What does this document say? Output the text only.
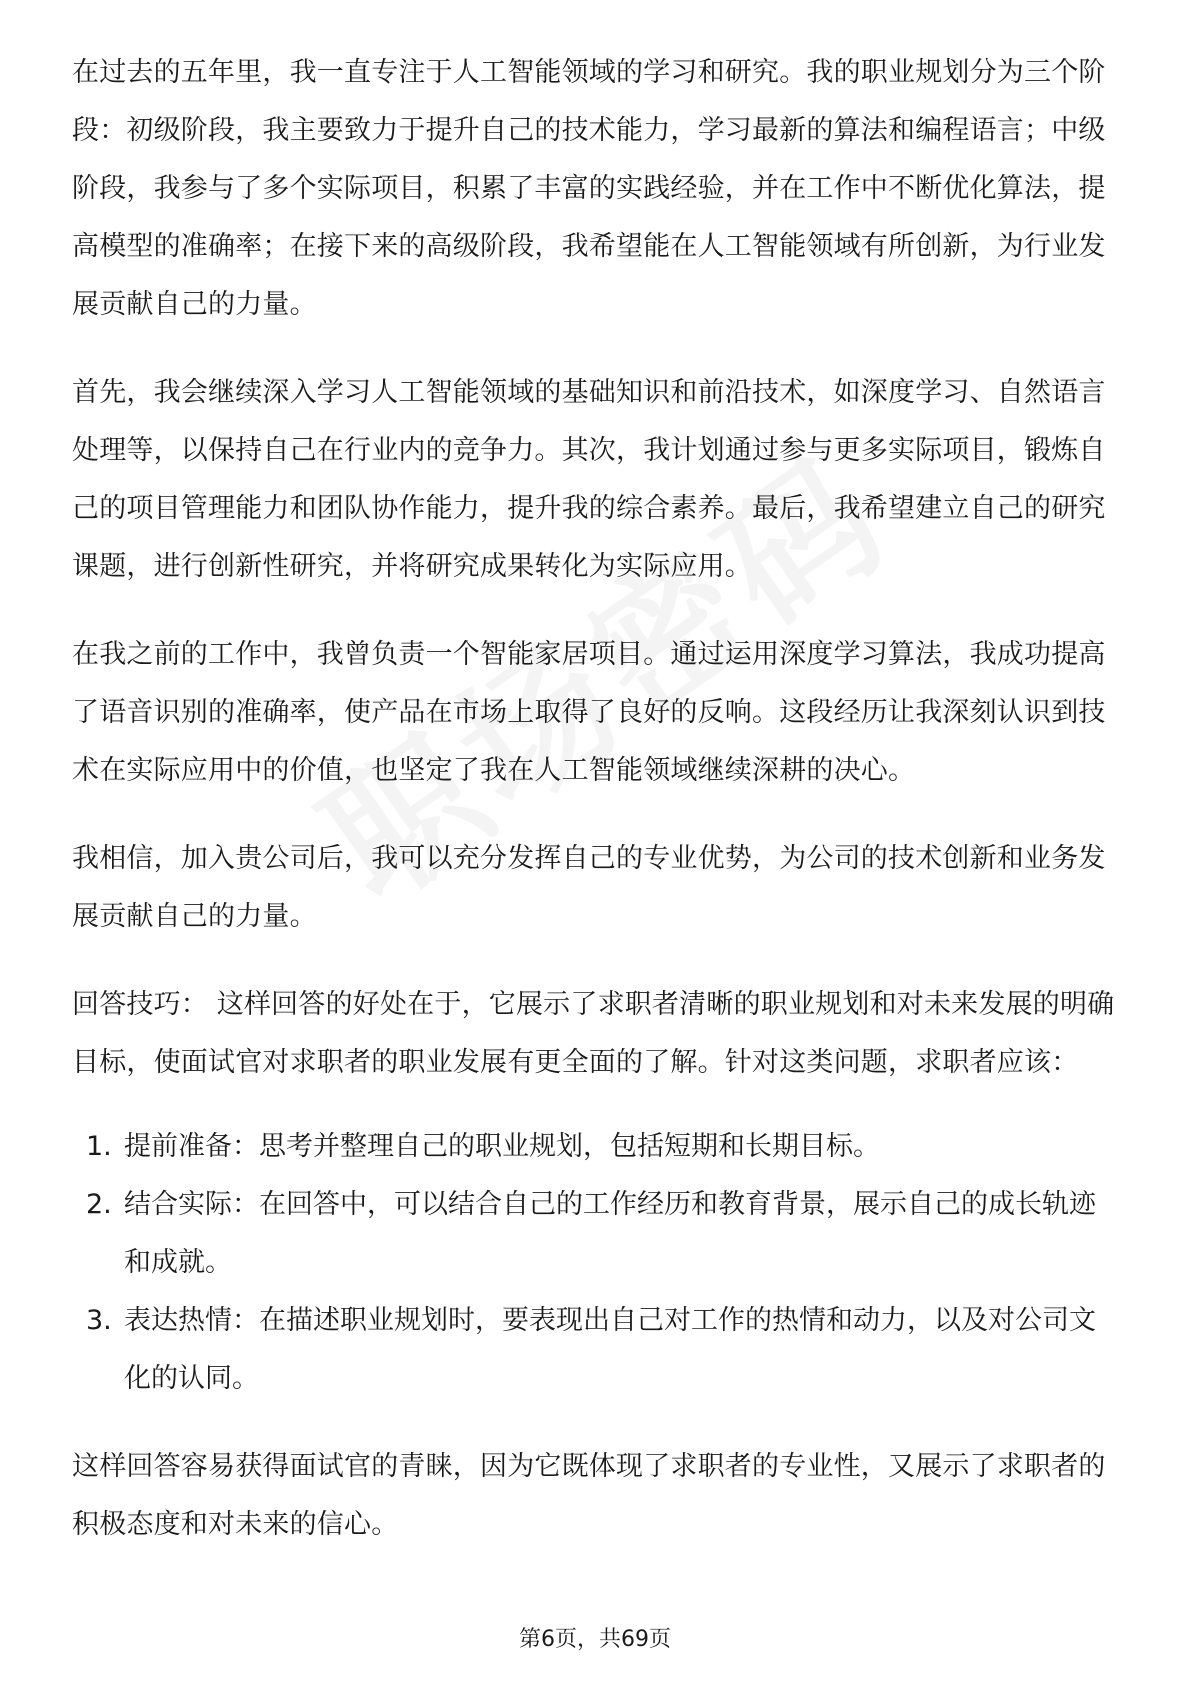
在过去的五年里，我一直专注于人工智能领域的学习和研究。我的职业规划分为三个阶段：初级阶段，我主要致力于提升自己的技术能力，学习最新的算法和编程语言；中级阶段，我参与了多个实际项目，积累了丰富的实践经验，并在工作中不断优化算法，提高模型的准确率；在接下来的高级阶段，我希望能在人工智能领域有所创新，为行业发展贡献自己的力量。

首先，我会继续深入学习人工智能领域的基础知识和前沿技术，如深度学习、自然语言处理等，以保持自己在行业内的竞争力。其次，我计划通过参与更多实际项目，锻炼自己的项目管理能力和团队协作能力，提升我的综合素养。最后，我希望建立自己的研究课题，进行创新性研究，并将研究成果转化为实际应用。

在我之前的工作中，我曾负责一个智能家居项目。通过运用深度学习算法，我成功提高了语音识别的准确率，使产品在市场上取得了良好的反响。这段经历让我深刻认识到技术在实际应用中的价值，也坚定了我在人工智能领域继续深耕的决心。

我相信，加入贵公司后，我可以充分发挥自己的专业优势，为公司的技术创新和业务发展贡献自己的力量。

回答技巧： 这样回答的好处在于，它展示了求职者清晰的职业规划和对未来发展的明确目标，使面试官对求职者的职业发展有更全面的了解。针对这类问题，求职者应该：

1. 提前准备：思考并整理自己的职业规划，包括短期和长期目标。
2. 结合实际：在回答中，可以结合自己的工作经历和教育背景，展示自己的成长轨迹和成就。
3. 表达热情：在描述职业规划时，要表现出自己对工作的热情和动力，以及对公司文化的认同。

这样回答容易获得面试官的青睐，因为它既体现了求职者的专业性，又展示了求职者的积极态度和对未来的信心。

第6页，共69页
